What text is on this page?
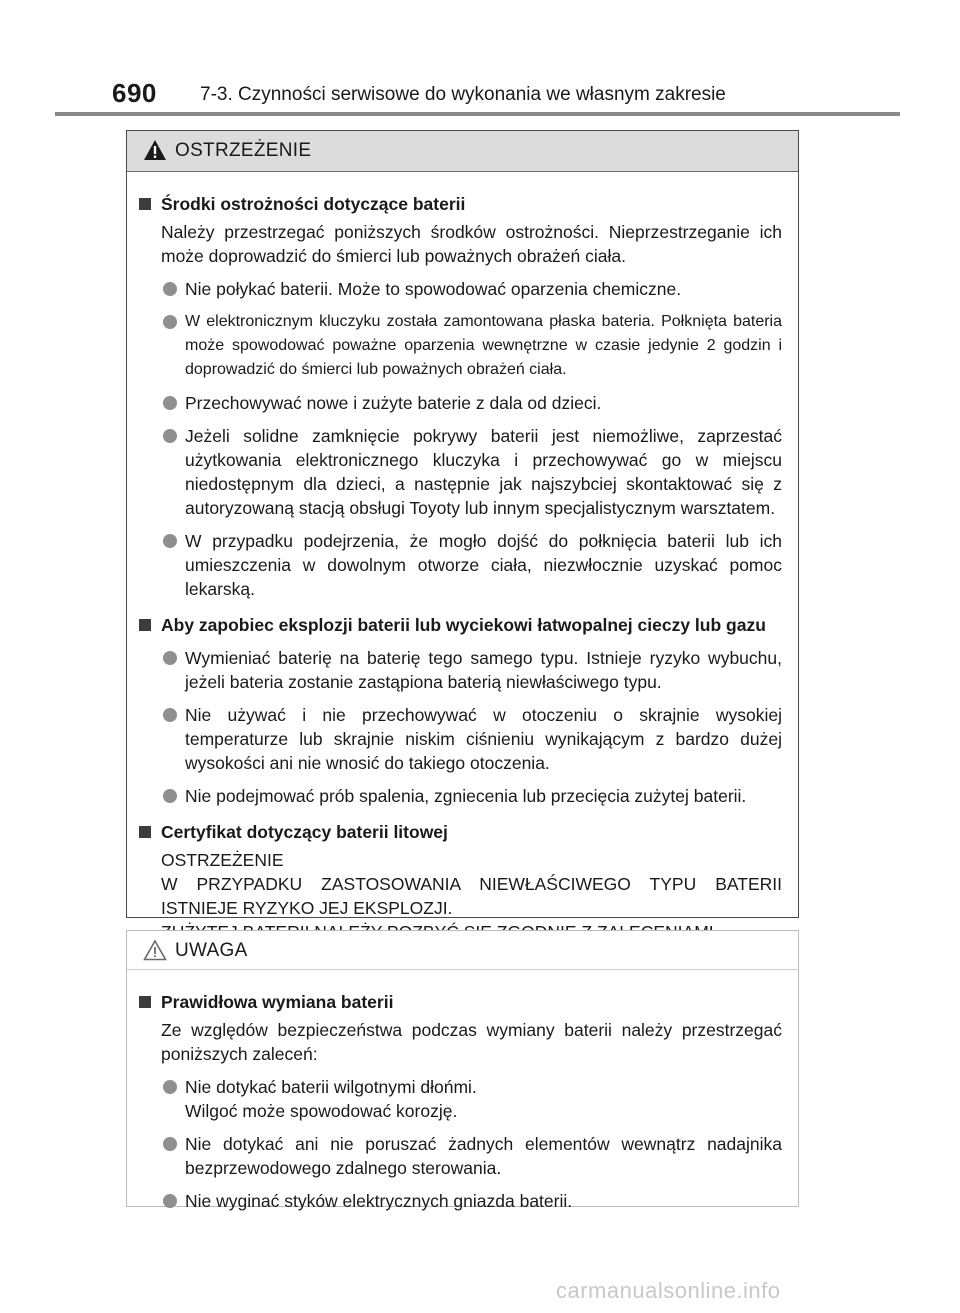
690 7-3. Czynności serwisowe do wykonania we własnym zakresie
OSTRZEŻENIE
Środki ostrożności dotyczące baterii
Należy przestrzegać poniższych środków ostrożności. Nieprzestrzeganie ich może doprowadzić do śmierci lub poważnych obrażeń ciała.
Nie połykać baterii. Może to spowodować oparzenia chemiczne.
W elektronicznym kluczyku została zamontowana płaska bateria. Połknięta bateria może spowodować poważne oparzenia wewnętrzne w czasie jedynie 2 godzin i doprowadzić do śmierci lub poważnych obrażeń ciała.
Przechowywać nowe i zużyte baterie z dala od dzieci.
Jeżeli solidne zamknięcie pokrywy baterii jest niemożliwe, zaprzestać użytkowania elektronicznego kluczyka i przechowywać go w miejscu niedostępnym dla dzieci, a następnie jak najszybciej skontaktować się z autoryzowaną stacją obsługi Toyoty lub innym specjalistycznym warsztatem.
W przypadku podejrzenia, że mogło dojść do połknięcia baterii lub ich umieszczenia w dowolnym otworze ciała, niezwłocznie uzyskać pomoc lekarską.
Aby zapobiec eksplozji baterii lub wyciekowi łatwopalnej cieczy lub gazu
Wymieniać baterię na baterię tego samego typu. Istnieje ryzyko wybuchu, jeżeli bateria zostanie zastąpiona baterią niewłaściwego typu.
Nie używać i nie przechowywać w otoczeniu o skrajnie wysokiej temperaturze lub skrajnie niskim ciśnieniu wynikającym z bardzo dużej wysokości ani nie wnosić do takiego otoczenia.
Nie podejmować prób spalenia, zgniecenia lub przecięcia zużytej baterii.
Certyfikat dotyczący baterii litowej
OSTRZEŻENIE
W PRZYPADKU ZASTOSOWANIA NIEWŁAŚCIWEGO TYPU BATERII ISTNIEJE RYZYKO JEJ EKSPLOZJI.
UWAGA
Prawidłowa wymiana baterii
Ze względów bezpieczeństwa podczas wymiany baterii należy przestrzegać poniższych zaleceń:
Nie dotykać baterii wilgotnymi dłońmi.
Wilgoć może spowodować korozję.
Nie dotykać ani nie poruszać żadnych elementów wewnątrz nadajnika bezprzewodowego zdalnego sterowania.
Nie wyginać styków elektrycznych gniazda baterii.
carmanualsonline.info
